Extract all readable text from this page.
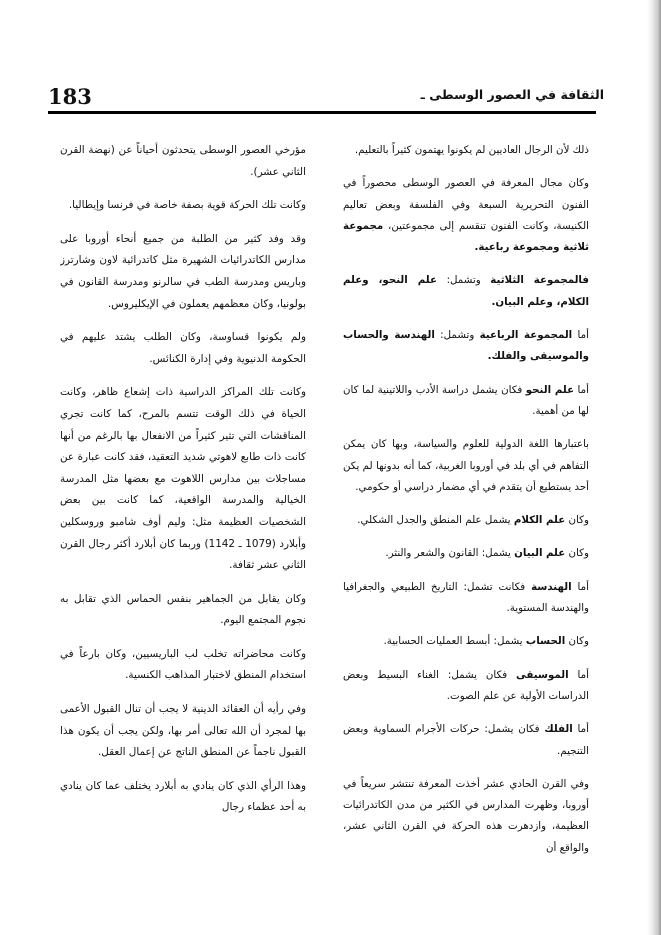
183	الثقافة في العصور الوسطى ـ

ذلك لأن الرجال العاديين لم يكونوا يهتمون كثيراً بالتعليم.

وكان مجال المعرفة في العصور الوسطى محصوراً في الفنون التحريرية السبعة وفي الفلسفة وبعض تعاليم الكنيسة، وكانت الفنون تنقسم إلى مجموعتين، مجموعة ثلاثية ومجموعة رباعية.

فالمجموعة الثلاثية وتشمل: علم النحو، وعلم الكلام، وعلم البيان.

أما المجموعة الرباعية وتشمل: الهندسة والحساب والموسيقى والفلك.

أما علم النحو فكان يشمل دراسة الأدب واللاتينية لما كان لها من أهمية.

باعتبارها اللغة الدولية للعلوم والسياسة، وبها كان يمكن التفاهم في أي بلد في أوروبا الغربية، كما أنه بدونها لم يكن أحد يستطيع أن يتقدم في أي مضمار دراسي أو حكومي.

وكان علم الكلام يشمل علم المنطق والجدل الشكلي.

وكان علم البيان يشمل: القانون والشعر والنثر.

أما الهندسة فكانت تشمل: التاريخ الطبيعي والجغرافيا والهندسة المستوية.

وكان الحساب يشمل: أبسط العمليات الحسابية.

أما الموسيقى فكان يشمل: الغناء البسيط وبعض الدراسات الأولية عن علم الصوت.

أما الفلك فكان يشمل: حركات الأجرام السماوية وبعض التنجيم.

وفي القرن الحادي عشر أخذت المعرفة تنتشر سريعاً في أوروبا، وظهرت المدارس في الكثير من مدن الكاتدرائيات العظيمة، وازدهرت هذه الحركة في القرن الثاني عشر، والواقع أن

مؤرخي العصور الوسطى يتحدثون أحياناً عن (نهضة القرن الثاني عشر).

وكانت تلك الحركة قوية بصفة خاصة في فرنسا وإيطاليا.

وقد وفد كثير من الطلبة من جميع أنحاء أوروبا على مدارس الكاتدرائيات الشهيرة مثل كاتدرائية لاون وشارترز وباريس ومدرسة الطب في سالرنو ومدرسة القانون في بولونيا، وكان معظمهم يعملون في الإيكليروس.

ولم يكونوا قساوسة، وكان الطلب يشتد عليهم في الحكومة الدنيوية وفي إدارة الكنائس.

وكانت تلك المراكز الدراسية ذات إشعاع ظاهر، وكانت الحياة في ذلك الوقت تتسم بالمرح، كما كانت تجري المناقشات التي تثير كثيراً من الانفعال بها بالرغم من أنها كانت ذات طابع لاهوتي شديد التعقيد، فقد كانت عبارة عن مساجلات بين مدارس اللاهوت مع بعضها مثل المدرسة الخيالية والمدرسة الواقعية، كما كانت بين بعض الشخصيات العظيمة مثل: وليم أوف شامبو وروسكلين وأبلارد (1079 ـ 1142) وربما كان أبلارد أكثر رجال القرن الثاني عشر ثقافة.

وكان يقابل من الجماهير بنفس الحماس الذي تقابل به نجوم المجتمع اليوم.

وكانت محاضراته تخلب لب الباريسيين، وكان بارعاً في استخدام المنطق لاختبار المذاهب الكنسية.

وفي رأيه أن العقائد الدينية لا يجب أن تنال القبول الأعمى بها لمجرد أن الله تعالى أمر بها، ولكن يجب أن يكون هذا القبول ناجماً عن المنطق الناتج عن إعمال العقل.

وهذا الرأي الذي كان ينادي به أبلارد يختلف عما كان ينادي به أحد عظماء رجال
